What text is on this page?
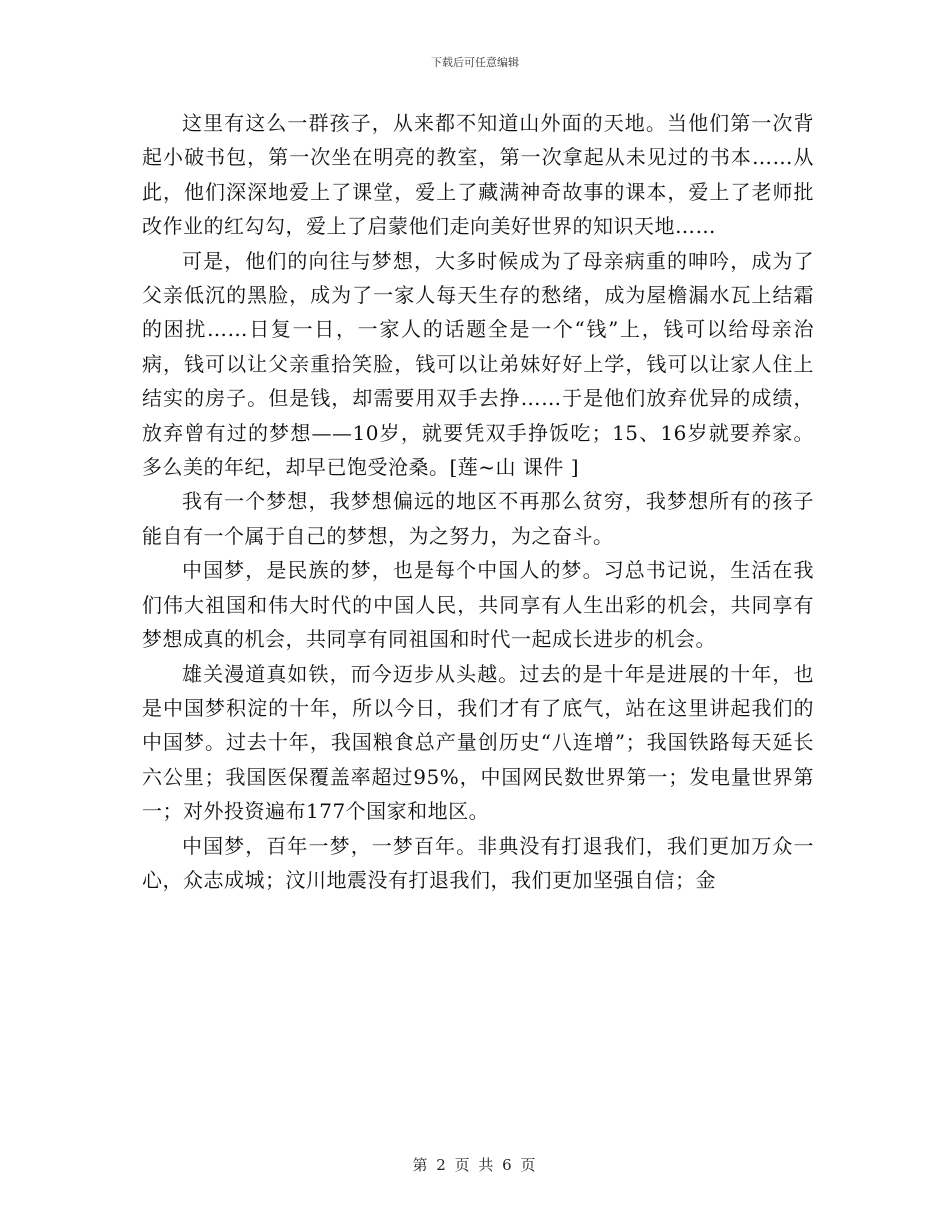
下载后可任意编辑

这里有这么一群孩子，从来都不知道山外面的天地。当他们第一次背起小破书包，第一次坐在明亮的教室，第一次拿起从未见过的书本……从此，他们深深地爱上了课堂，爱上了藏满神奇故事的课本，爱上了老师批改作业的红勾勾，爱上了启蒙他们走向美好世界的知识天地……

可是，他们的向往与梦想，大多时候成为了母亲病重的呻吟，成为了父亲低沉的黑脸，成为了一家人每天生存的愁绪，成为屋檐漏水瓦上结霜的困扰……日复一日，一家人的话题全是一个“钱”上，钱可以给母亲治病，钱可以让父亲重拾笑脸，钱可以让弟妹好好上学，钱可以让家人住上结实的房子。但是钱，却需要用双手去挣……于是他们放弃优异的成绩，放弃曾有过的梦想——10岁，就要凭双手挣饭吃；15、16岁就要养家。多么美的年纪，却早已饱受沧桑。[莲~山 课件 ]

我有一个梦想，我梦想偏远的地区不再那么贫穷，我梦想所有的孩子能自有一个属于自己的梦想，为之努力，为之奋斗。

中国梦，是民族的梦，也是每个中国人的梦。习总书记说，生活在我们伟大祖国和伟大时代的中国人民，共同享有人生出彩的机会，共同享有梦想成真的机会，共同享有同祖国和时代一起成长进步的机会。

雄关漫道真如铁，而今迈步从头越。过去的是十年是进展的十年，也是中国梦积淀的十年，所以今日，我们才有了底气，站在这里讲起我们的中国梦。过去十年，我国粮食总产量创历史“八连增”；我国铁路每天延长六公里；我国医保覆盖率超过95%，中国网民数世界第一；发电量世界第一；对外投资遍布177个国家和地区。

中国梦，百年一梦，一梦百年。非典没有打退我们，我们更加万众一心，众志成城；汶川地震没有打退我们，我们更加坚强自信；金

第 2 页 共 6 页
